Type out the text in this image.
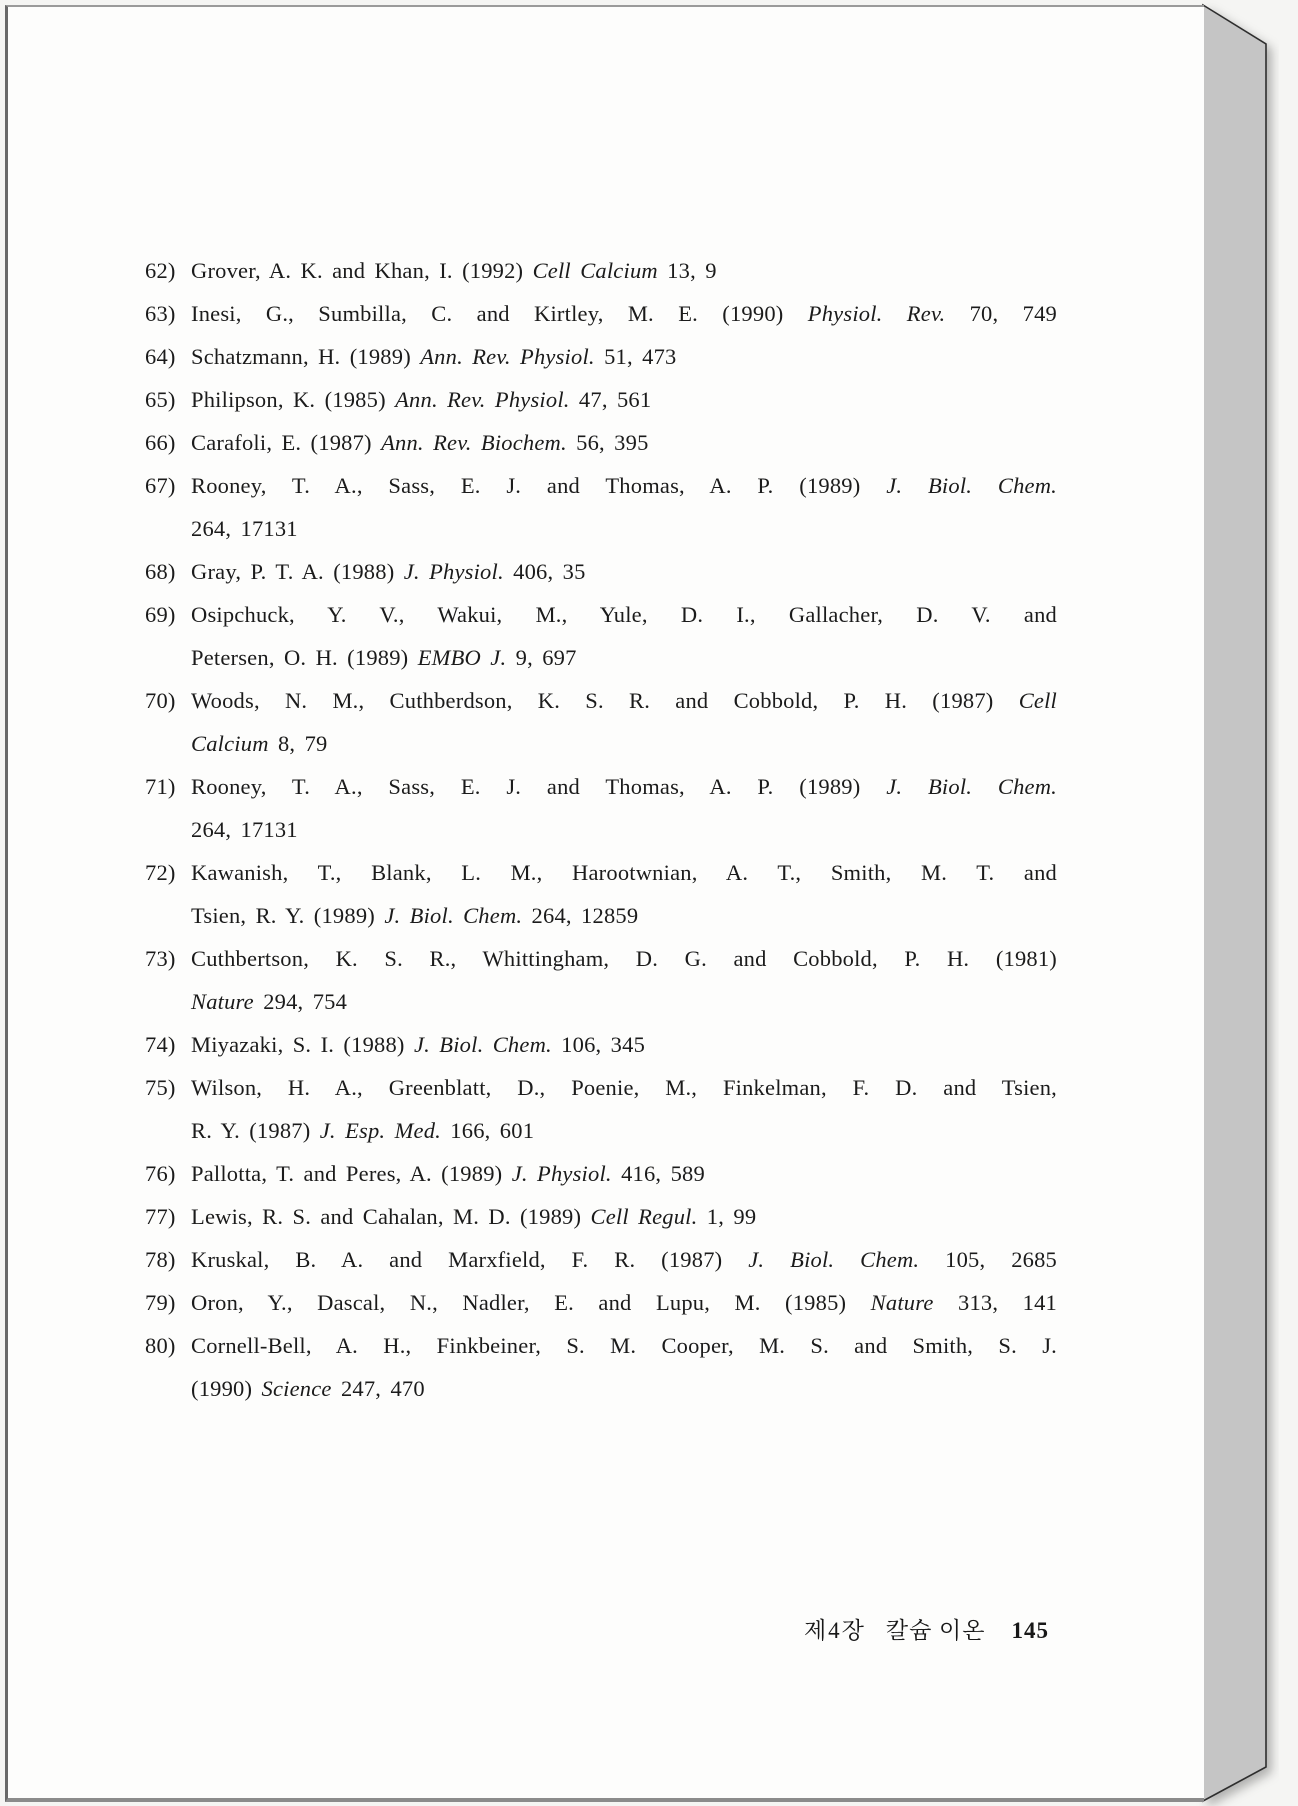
62) Grover, A. K. and Khan, I. (1992) Cell Calcium 13, 9
63) Inesi, G., Sumbilla, C. and Kirtley, M. E. (1990) Physiol. Rev. 70, 749
64) Schatzmann, H. (1989) Ann. Rev. Physiol. 51, 473
65) Philipson, K. (1985) Ann. Rev. Physiol. 47, 561
66) Carafoli, E. (1987) Ann. Rev. Biochem. 56, 395
67) Rooney, T. A., Sass, E. J. and Thomas, A. P. (1989) J. Biol. Chem.
264, 17131
68) Gray, P. T. A. (1988) J. Physiol. 406, 35
69) Osipchuck, Y. V., Wakui, M., Yule, D. I., Gallacher, D. V. and
Petersen, O. H. (1989) EMBO J. 9, 697
70) Woods, N. M., Cuthberdson, K. S. R. and Cobbold, P. H. (1987) Cell
Calcium 8, 79
71) Rooney, T. A., Sass, E. J. and Thomas, A. P. (1989) J. Biol. Chem.
264, 17131
72) Kawanish, T., Blank, L. M., Harootwnian, A. T., Smith, M. T. and
Tsien, R. Y. (1989) J. Biol. Chem. 264, 12859
73) Cuthbertson, K. S. R., Whittingham, D. G. and Cobbold, P. H. (1981)
Nature 294, 754
74) Miyazaki, S. I. (1988) J. Biol. Chem. 106, 345
75) Wilson, H. A., Greenblatt, D., Poenie, M., Finkelman, F. D. and Tsien,
R. Y. (1987) J. Esp. Med. 166, 601
76) Pallotta, T. and Peres, A. (1989) J. Physiol. 416, 589
77) Lewis, R. S. and Cahalan, M. D. (1989) Cell Regul. 1, 99
78) Kruskal, B. A. and Marxfield, F. R. (1987) J. Biol. Chem. 105, 2685
79) Oron, Y., Dascal, N., Nadler, E. and Lupu, M. (1985) Nature 313, 141
80) Cornell-Bell, A. H., Finkbeiner, S. M. Cooper, M. S. and Smith, S. J.
(1990) Science 247, 470
제4장 칼슘 이온 145
